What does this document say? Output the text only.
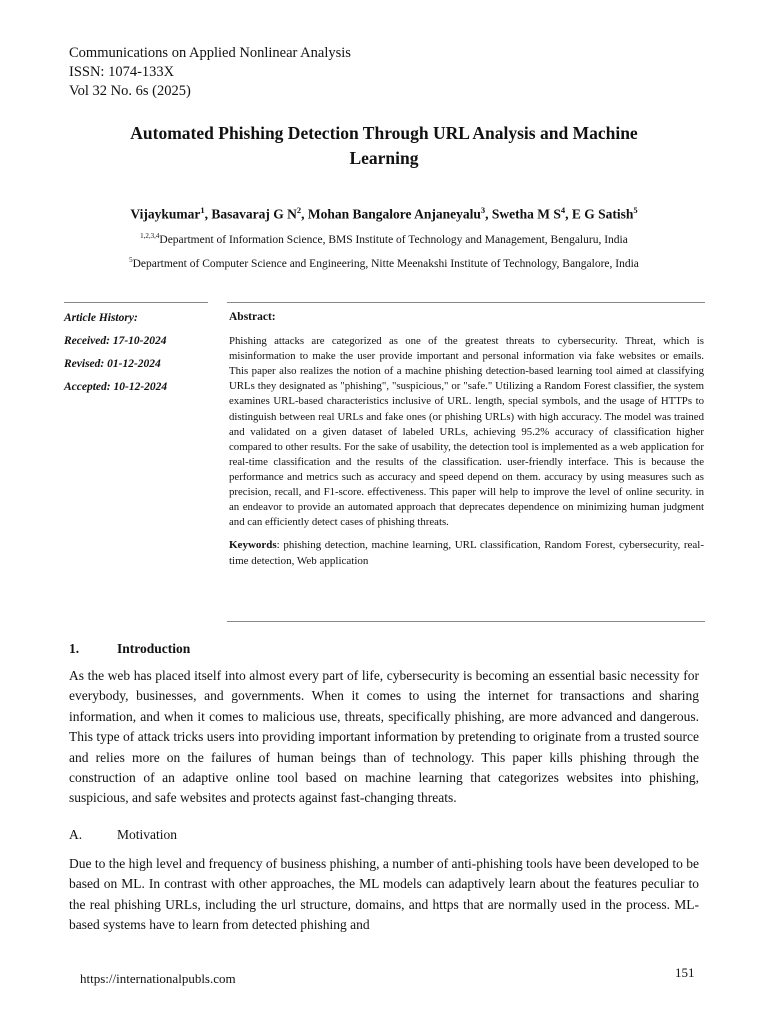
Communications on Applied Nonlinear Analysis
ISSN: 1074-133X
Vol 32 No. 6s (2025)
Automated Phishing Detection Through URL Analysis and Machine
Learning
Vijaykumar$^1$, Basavaraj G $N^2$, Mohan Bangalore Anjaneyalu$^3$, Swetha M $S^4$, E G Satish$^5$
$^{1,2,3,4}$Department of Information Science, BMS Institute of Technology and Management, Bengaluru, India
$^5$Department of Computer Science and Engineering, Nitte Meenakshi Institute of Technology, Bangalore, India
Article History:
Received: 17-10-2024
Revised: 01-12-2024
Accepted: 10-12-2024
Abstract:

Phishing attacks are categorized as one of the greatest threats to cybersecurity. Threat, which is misinformation to make the user provide important and personal information via fake websites or emails. This paper also realizes the notion of a machine phishing detection-based learning tool aimed at classifying URLs they designated as "phishing", "suspicious," or "safe." Utilizing a Random Forest classifier, the system examines URL-based characteristics inclusive of URL. length, special symbols, and the usage of HTTPs to distinguish between real URLs and fake ones (or phishing URLs) with high accuracy. The model was trained and validated on a given dataset of labeled URLs, achieving 95.2% accuracy of classification higher compared to other results. For the sake of usability, the detection tool is implemented as a web application for real-time classification and the results of the classification. user-friendly interface. This is because the performance and metrics such as accuracy and speed depend on them. accuracy by using measures such as precision, recall, and F1-score. effectiveness. This paper will help to improve the level of online security. in an endeavor to provide an automated approach that deprecates dependence on minimizing human judgment and can efficiently detect cases of phishing threats.

Keywords: phishing detection, machine learning, URL classification, Random Forest, cybersecurity, real-time detection, Web application
1.	Introduction

As the web has placed itself into almost every part of life, cybersecurity is becoming an essential basic necessity for everybody, businesses, and governments. When it comes to using the internet for transactions and sharing information, and when it comes to malicious use, threats, specifically phishing, are more advanced and dangerous. This type of attack tricks users into providing important information by pretending to originate from a trusted source and relies more on the failures of human beings than of technology. This paper kills phishing through the construction of an adaptive online tool based on machine learning that categorizes websites into phishing, suspicious, and safe websites and protects against fast-changing threats.

A.	Motivation

Due to the high level and frequency of business phishing, a number of anti-phishing tools have been developed to be based on ML. In contrast with other approaches, the ML models can adaptively learn about the features peculiar to the real phishing URLs, including the url structure, domains, and https that are normally used in the process. ML-based systems have to learn from detected phishing and

https://internationalpubls.com	151
